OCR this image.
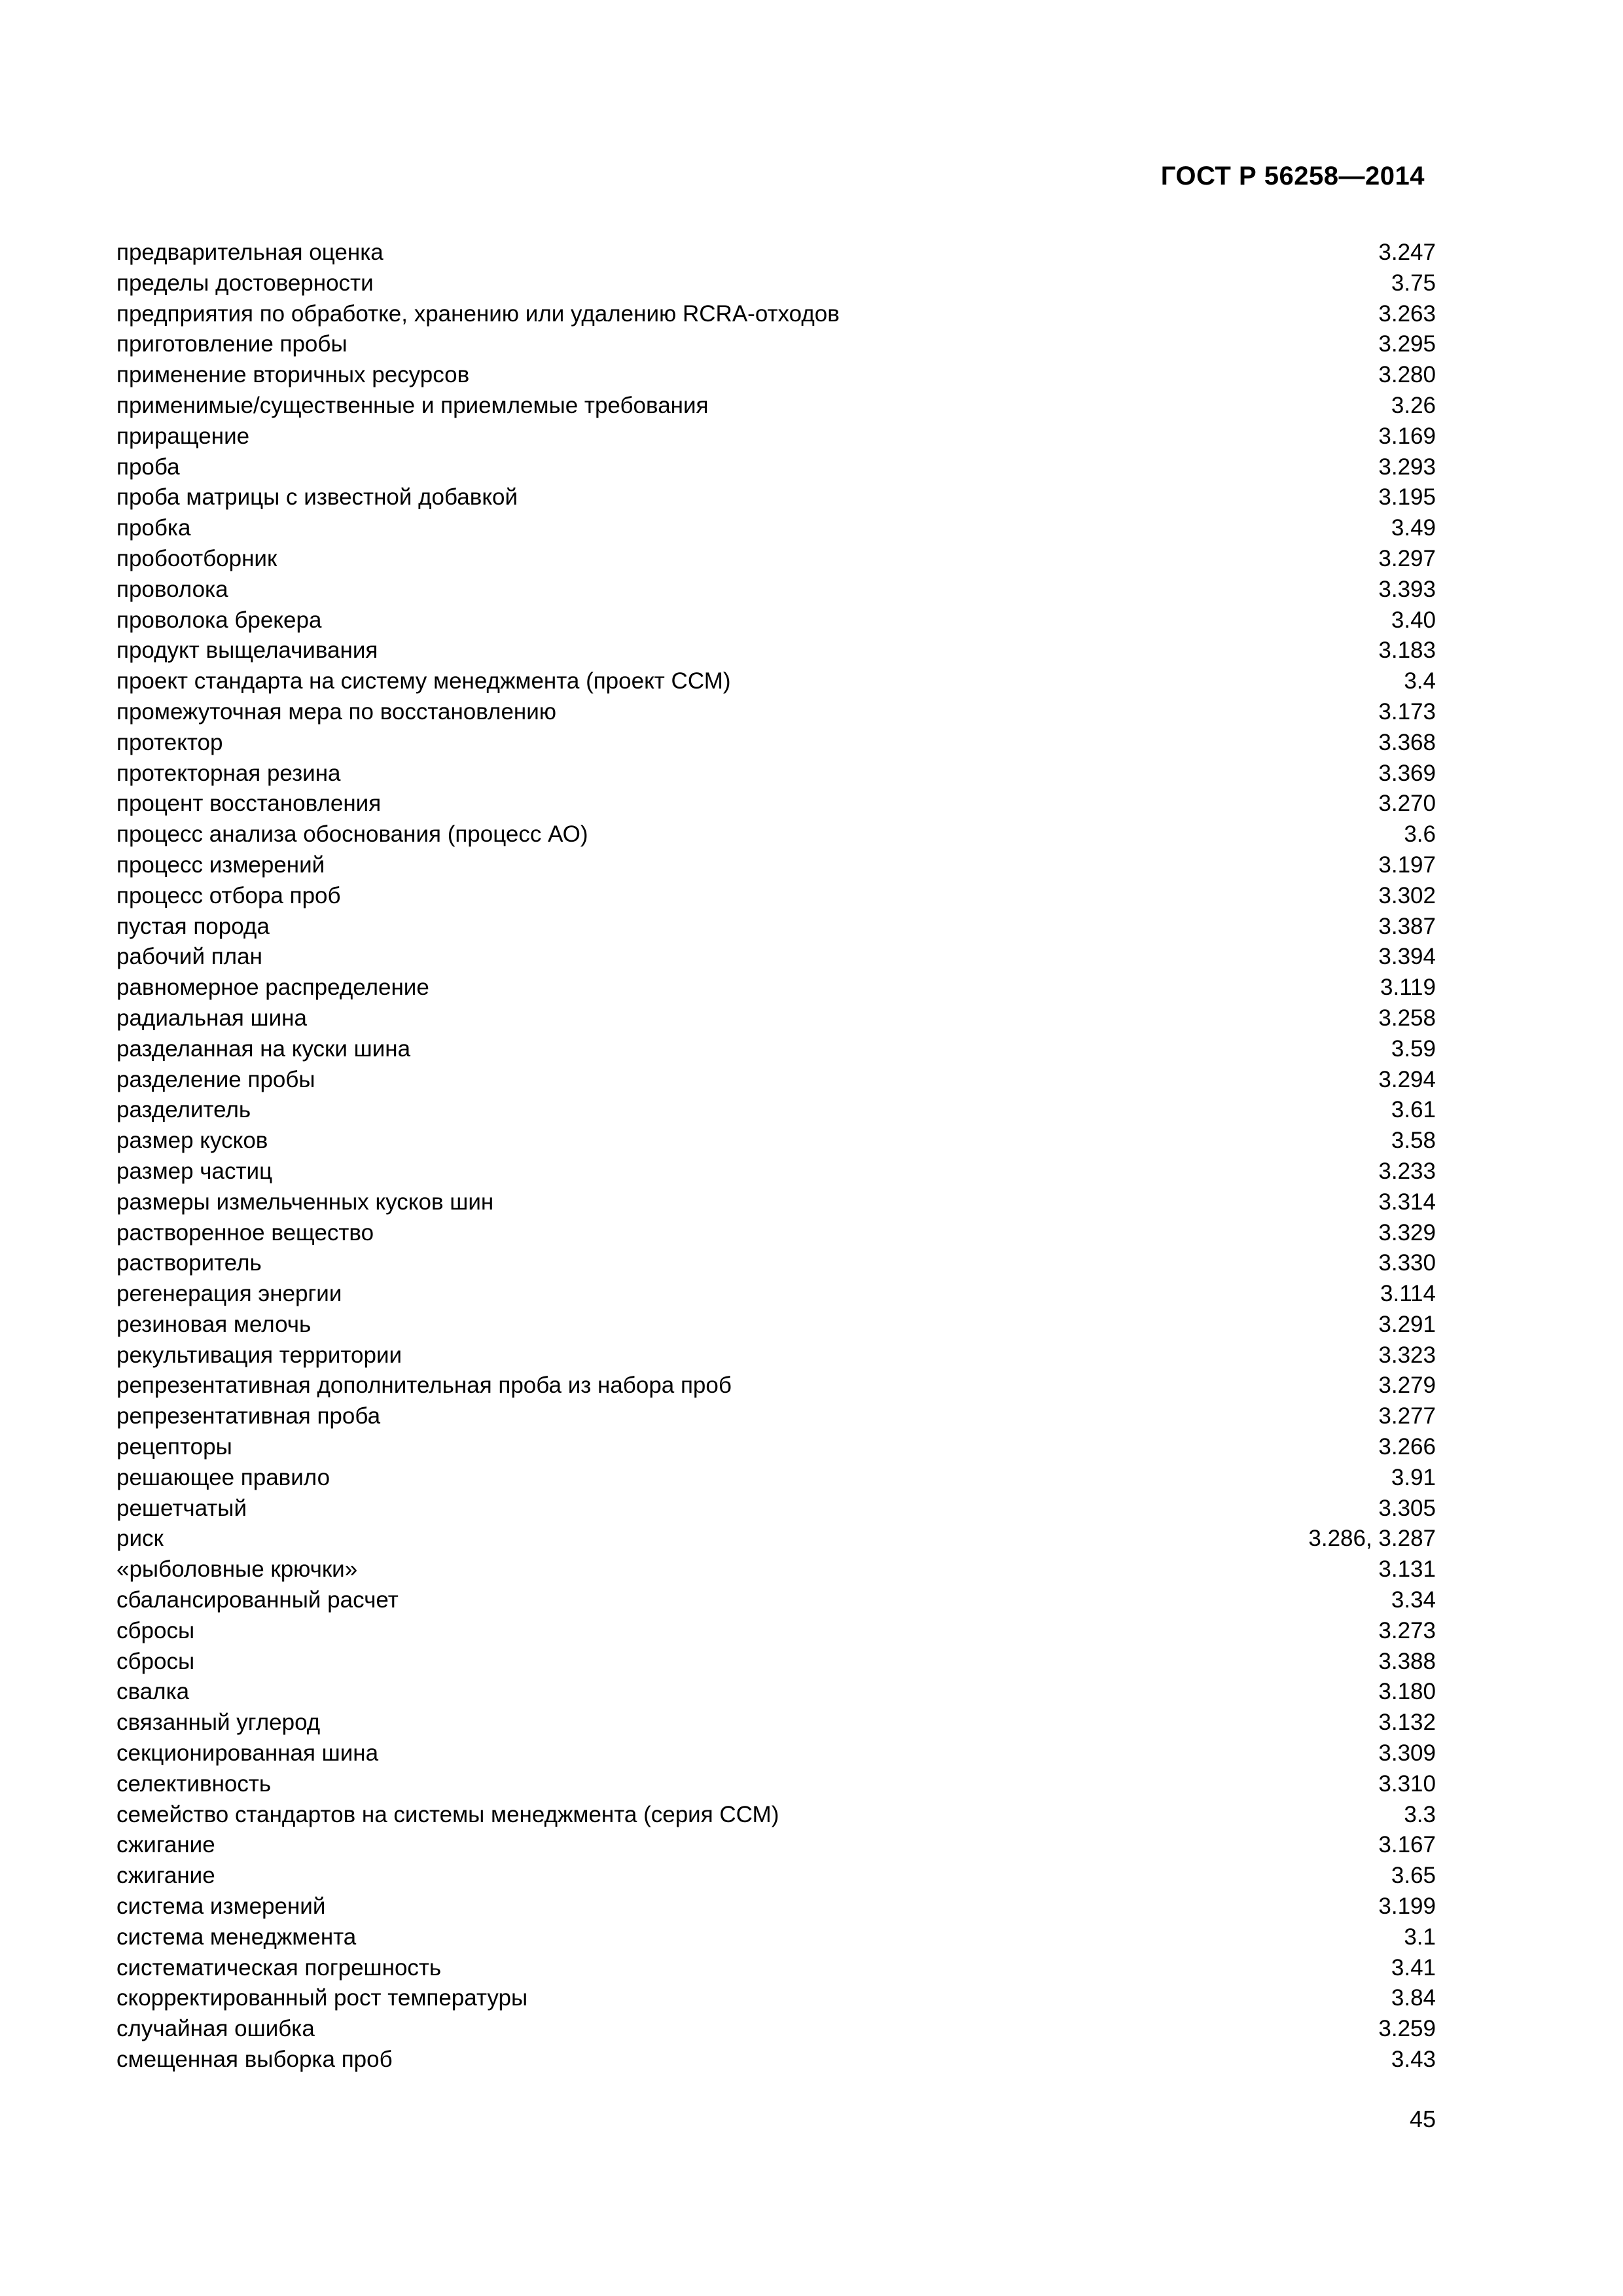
ГОСТ Р 56258—2014
предварительная оценка	3.247
пределы достоверности	3.75
предприятия по обработке, хранению или удалению RCRA-отходов	3.263
приготовление пробы	3.295
применение вторичных ресурсов	3.280
применимые/существенные и приемлемые требования	3.26
приращение	3.169
проба	3.293
проба матрицы с известной добавкой	3.195
пробка	3.49
пробоотборник	3.297
проволока	3.393
проволока брекера	3.40
продукт выщелачивания	3.183
проект стандарта на систему менеджмента (проект ССМ)	3.4
промежуточная мера по восстановлению	3.173
протектор	3.368
протекторная резина	3.369
процент восстановления	3.270
процесс анализа обоснования (процесс АО)	3.6
процесс измерений	3.197
процесс отбора проб	3.302
пустая порода	3.387
рабочий план	3.394
равномерное распределение	3.119
радиальная шина	3.258
разделанная на куски шина	3.59
разделение пробы	3.294
разделитель	3.61
размер кусков	3.58
размер частиц	3.233
размеры измельченных кусков шин	3.314
растворенное вещество	3.329
растворитель	3.330
регенерация энергии	3.114
резиновая мелочь	3.291
рекультивация территории	3.323
репрезентативная дополнительная проба из набора проб	3.279
репрезентативная проба	3.277
рецепторы	3.266
решающее правило	3.91
решетчатый	3.305
риск	3.286, 3.287
«рыболовные крючки»	3.131
сбалансированный расчет	3.34
сбросы	3.273
сбросы	3.388
свалка	3.180
связанный углерод	3.132
секционированная шина	3.309
селективность	3.310
семейство стандартов на системы менеджмента (серия ССМ)	3.3
сжигание	3.167
сжигание	3.65
система измерений	3.199
система менеджмента	3.1
систематическая погрешность	3.41
скорректированный рост температуры	3.84
случайная ошибка	3.259
смещенная выборка проб	3.43
45
